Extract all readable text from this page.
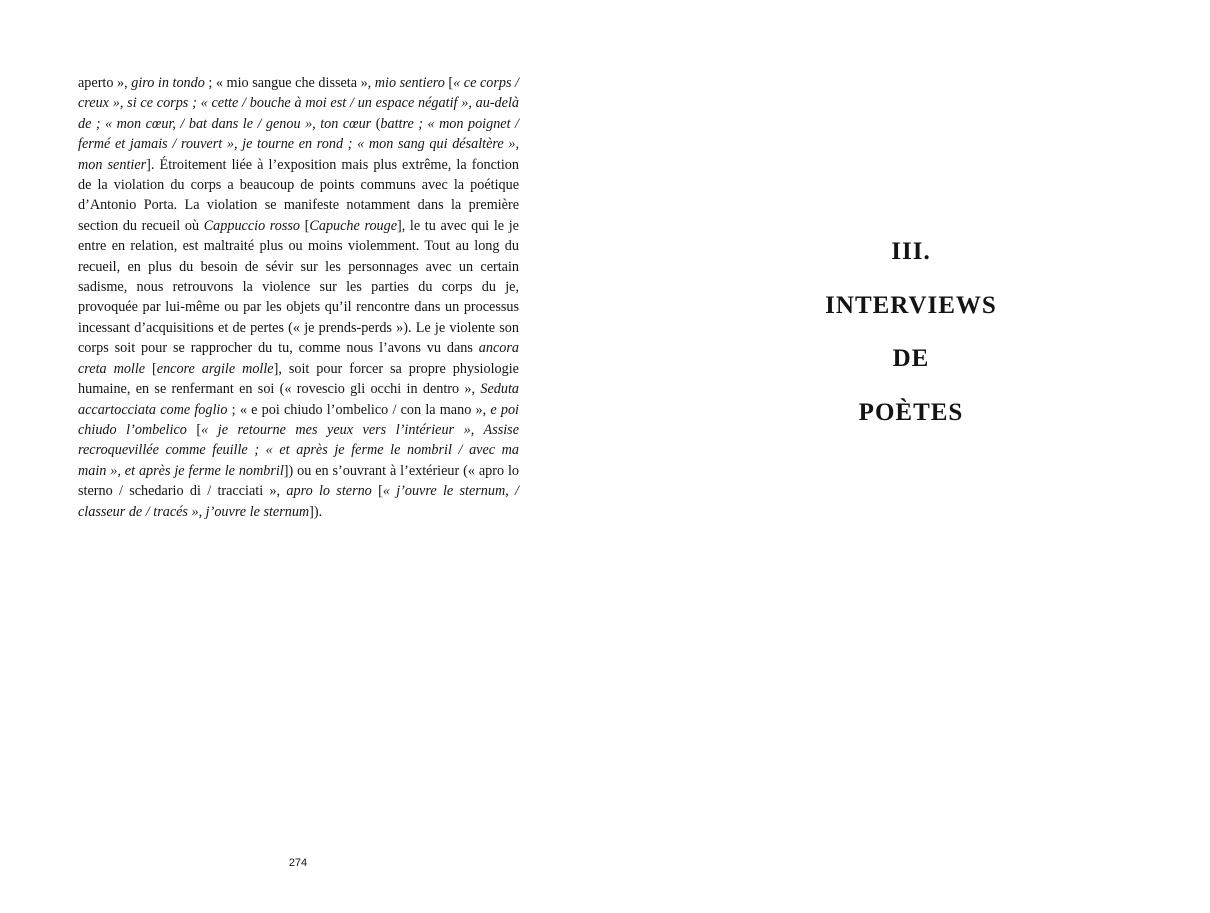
aperto », giro in tondo ; « mio sangue che disseta », mio sentiero [« ce corps / creux », si ce corps ; « cette / bouche à moi est / un espace négatif », au-delà de ; « mon cœur, / bat dans le / genou », ton cœur (battre ; « mon poignet / fermé et jamais / rouvert », je tourne en rond ; « mon sang qui désaltère », mon sentier]. Étroitement liée à l’exposition mais plus extrême, la fonction de la violation du corps a beaucoup de points communs avec la poétique d’Antonio Porta. La violation se manifeste notamment dans la première section du recueil où Cappuccio rosso [Capuche rouge], le tu avec qui le je entre en relation, est maltraité plus ou moins violemment. Tout au long du recueil, en plus du besoin de sévir sur les personnages avec un certain sadisme, nous retrouvons la violence sur les parties du corps du je, provoquée par lui-même ou par les objets qu’il rencontre dans un processus incessant d’acquisitions et de pertes (« je prends-perds »). Le je violente son corps soit pour se rapprocher du tu, comme nous l’avons vu dans ancora creta molle [encore argile molle], soit pour forcer sa propre physiologie humaine, en se renfermant en soi (« rovescio gli occhi in dentro », Seduta accartocciata come foglio ; « e poi chiudo l’ombelico / con la mano », e poi chiudo l’ombelico [« je retourne mes yeux vers l’intérieur », Assise recroquevillée comme feuille ; « et après je ferme le nombril / avec ma main », et après je ferme le nombril]) ou en s’ouvrant à l’extérieur (« apro lo sterno / schedario di / tracciati », apro lo sterno [« j’ouvre le sternum, / classeur de / tracés », j’ouvre le sternum]).

274
III.
INTERVIEWS
DE
POÈTES
